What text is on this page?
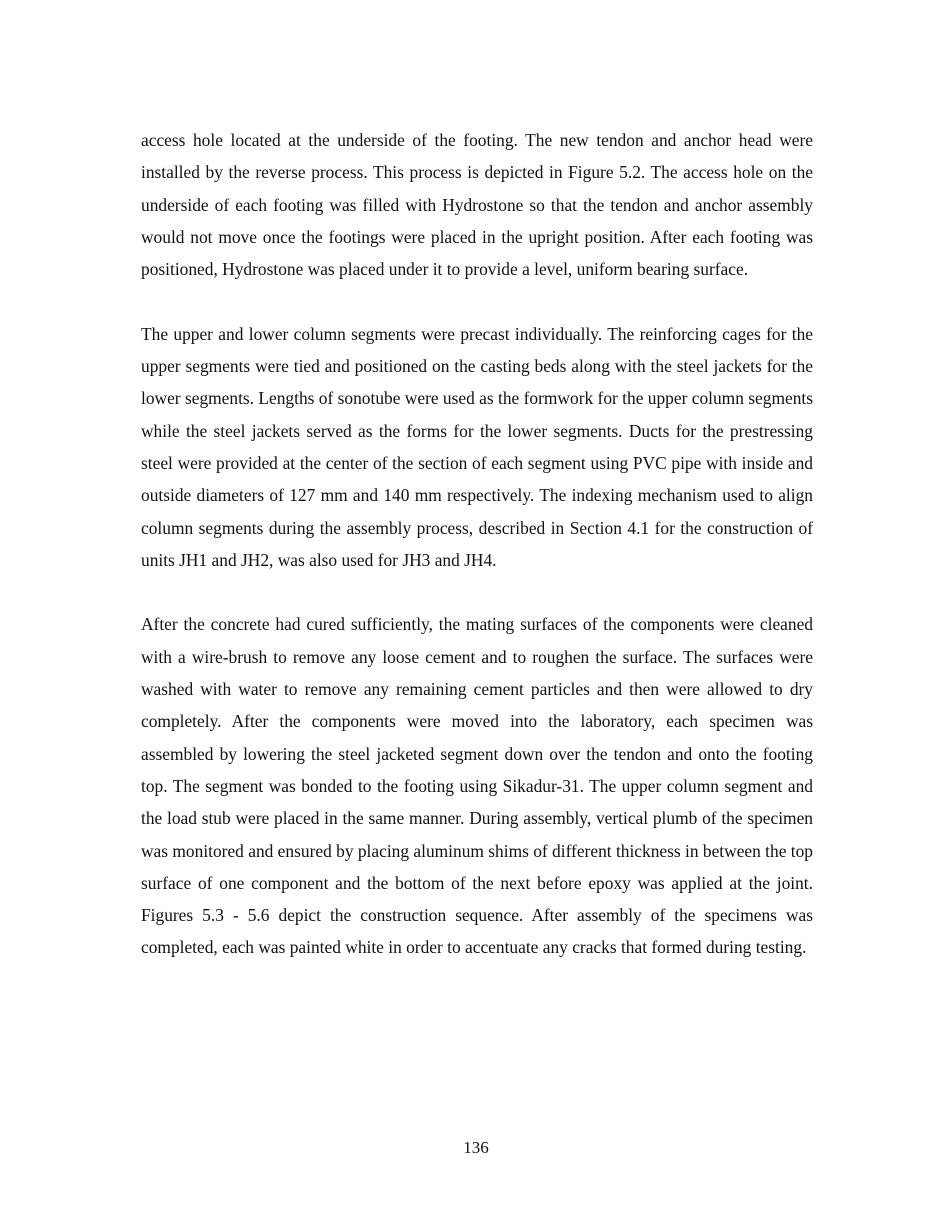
access hole located at the underside of the footing. The new tendon and anchor head were installed by the reverse process. This process is depicted in Figure 5.2. The access hole on the underside of each footing was filled with Hydrostone so that the tendon and anchor assembly would not move once the footings were placed in the upright position. After each footing was positioned, Hydrostone was placed under it to provide a level, uniform bearing surface.

The upper and lower column segments were precast individually. The reinforcing cages for the upper segments were tied and positioned on the casting beds along with the steel jackets for the lower segments. Lengths of sonotube were used as the formwork for the upper column segments while the steel jackets served as the forms for the lower segments. Ducts for the prestressing steel were provided at the center of the section of each segment using PVC pipe with inside and outside diameters of 127 mm and 140 mm respectively. The indexing mechanism used to align column segments during the assembly process, described in Section 4.1 for the construction of units JH1 and JH2, was also used for JH3 and JH4.

After the concrete had cured sufficiently, the mating surfaces of the components were cleaned with a wire-brush to remove any loose cement and to roughen the surface. The surfaces were washed with water to remove any remaining cement particles and then were allowed to dry completely. After the components were moved into the laboratory, each specimen was assembled by lowering the steel jacketed segment down over the tendon and onto the footing top. The segment was bonded to the footing using Sikadur-31. The upper column segment and the load stub were placed in the same manner. During assembly, vertical plumb of the specimen was monitored and ensured by placing aluminum shims of different thickness in between the top surface of one component and the bottom of the next before epoxy was applied at the joint. Figures 5.3 - 5.6 depict the construction sequence. After assembly of the specimens was completed, each was painted white in order to accentuate any cracks that formed during testing.

136
